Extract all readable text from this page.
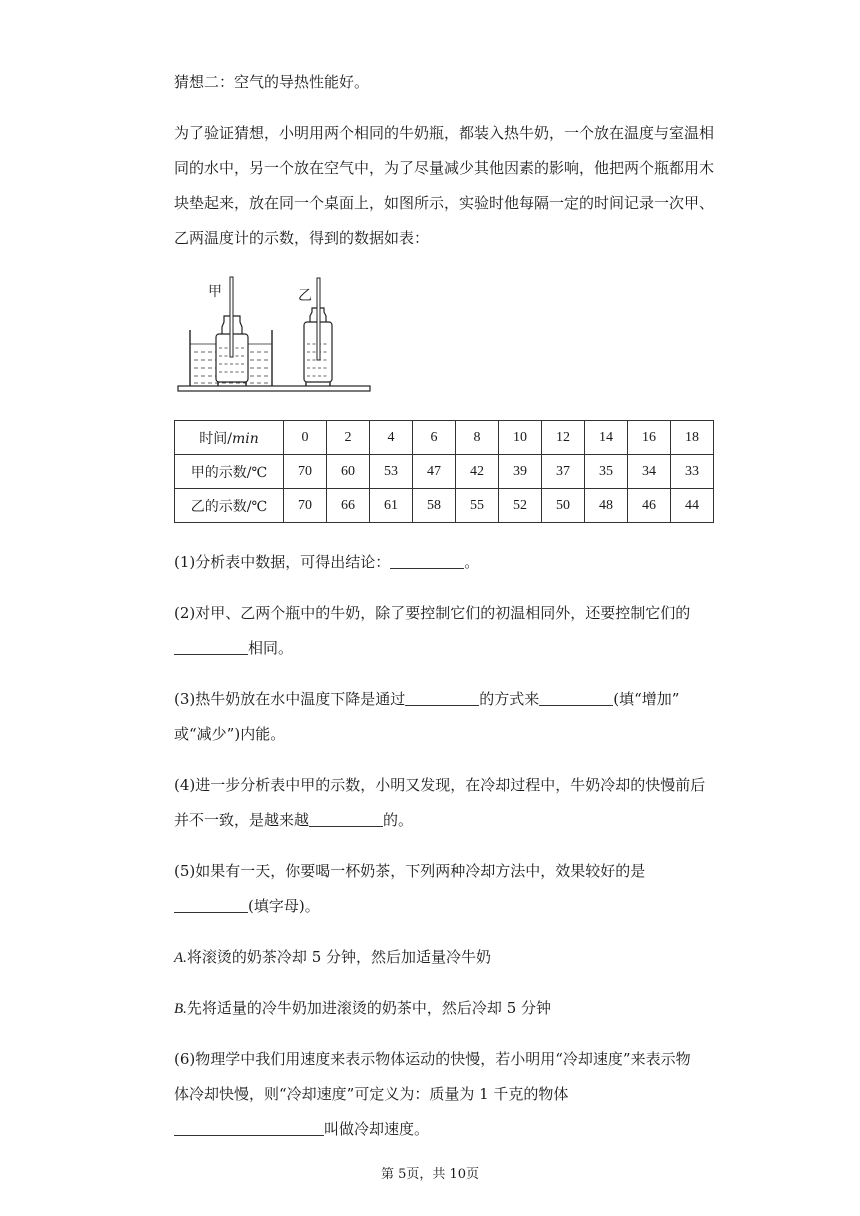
猜想二：空气的导热性能好。
为了验证猜想，小明用两个相同的牛奶瓶，都装入热牛奶，一个放在温度与室温相
同的水中，另一个放在空气中，为了尽量减少其他因素的影响，他把两个瓶都用木
块垫起来，放在同一个桌面上，如图所示，实验时他每隔一定的时间记录一次甲、
乙两温度计的示数，得到的数据如表：
甲	乙
时间/min	0	2	4	6	8	10	12	14	16	18
甲的示数/℃	70	60	53	47	42	39	37	35	34	33
乙的示数/℃	70	66	61	58	55	52	50	48	46	44
(1)分析表中数据，可得出结论：	。
(2)对甲、乙两个瓶中的牛奶，除了要控制它们的初温相同外，还要控制它们的
相同。
(3)热牛奶放在水中温度下降是通过	的方式来	(填“增加”
或“减少”)内能。
(4)进一步分析表中甲的示数，小明又发现，在冷却过程中，牛奶冷却的快慢前后
并不一致，是越来越	的。
(5)如果有一天，你要喝一杯奶茶，下列两种冷却方法中，效果较好的是
(填字母)。
A.将滚烫的奶茶冷却 5 分钟，然后加适量冷牛奶
B.先将适量的冷牛奶加进滚烫的奶茶中，然后冷却 5 分钟
(6)物理学中我们用速度来表示物体运动的快慢，若小明用“冷却速度”来表示物
体冷却快慢，则“冷却速度”可定义为：质量为 1 千克的物体
叫做冷却速度。
第 5页，共 10页
